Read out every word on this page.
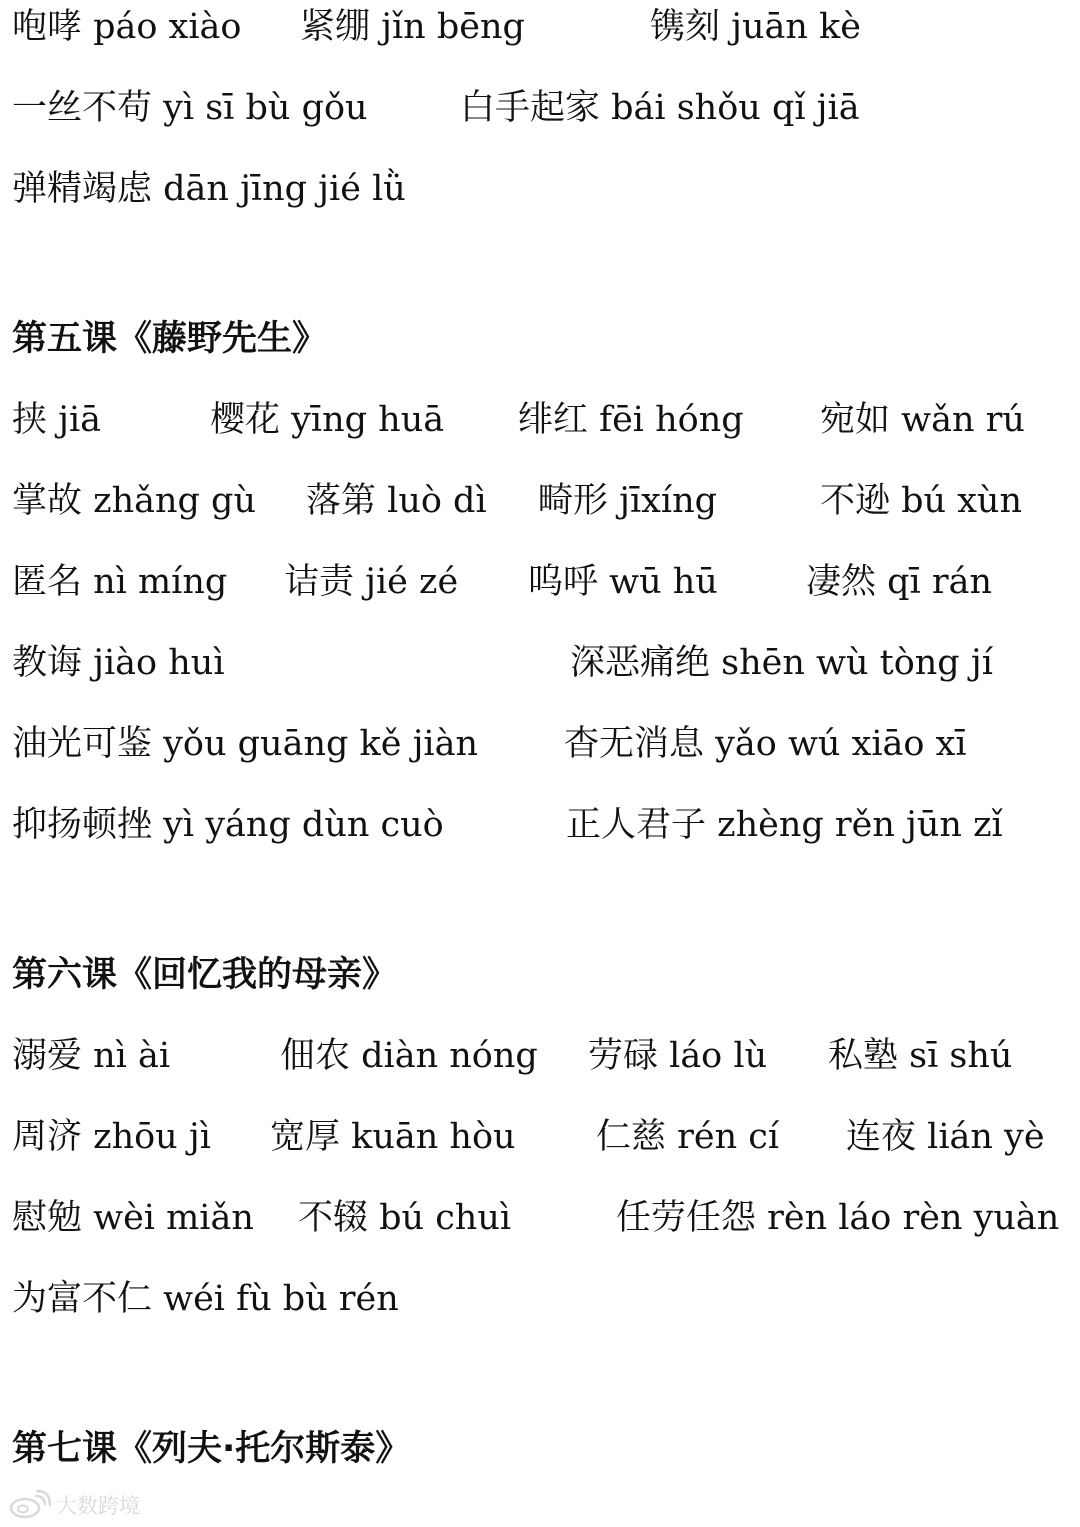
咆哮 páo xiào 紧绷 jǐn bēng	镌刻 juān kè
一丝不苟 yì sī bù gǒu	白手起家 bái shǒu qǐ jiā
弹精竭虑 dān jīng jié lǜ
第五课《藤野先生》
挟 jiā	樱花 yīng huā 绯红 fēi hóng 宛如 wǎn rú
掌故 zhǎng gù 落第 luò dì 畸形 jīxíng	不逊 bú xùn
匿名 nì míng 诘责 jié zé 呜呼 wū hū	凄然 qī rán
教诲 jiào huì	深恶痛绝 shēn wù tòng jí
油光可鉴 yǒu guāng kě jiàn 杳无消息 yǎo wú xiāo xī
抑扬顿挫 yì yáng dùn cuò	正人君子 zhèng rěn jūn zǐ
第六课《回忆我的母亲》
溺爱 nì ài	佃农 diàn nóng 劳碌 láo lù 私塾 sī shú
周济 zhōu jì 宽厚 kuān hòu 仁慈 rén cí 连夜 lián yè
慰勉 wèi miǎn 不辍 bú chuì	任劳任怨 rèn láo rèn yuàn
为富不仁 wéi fù bù rén
第七课《列夫·托尔斯泰》
大数跨境
